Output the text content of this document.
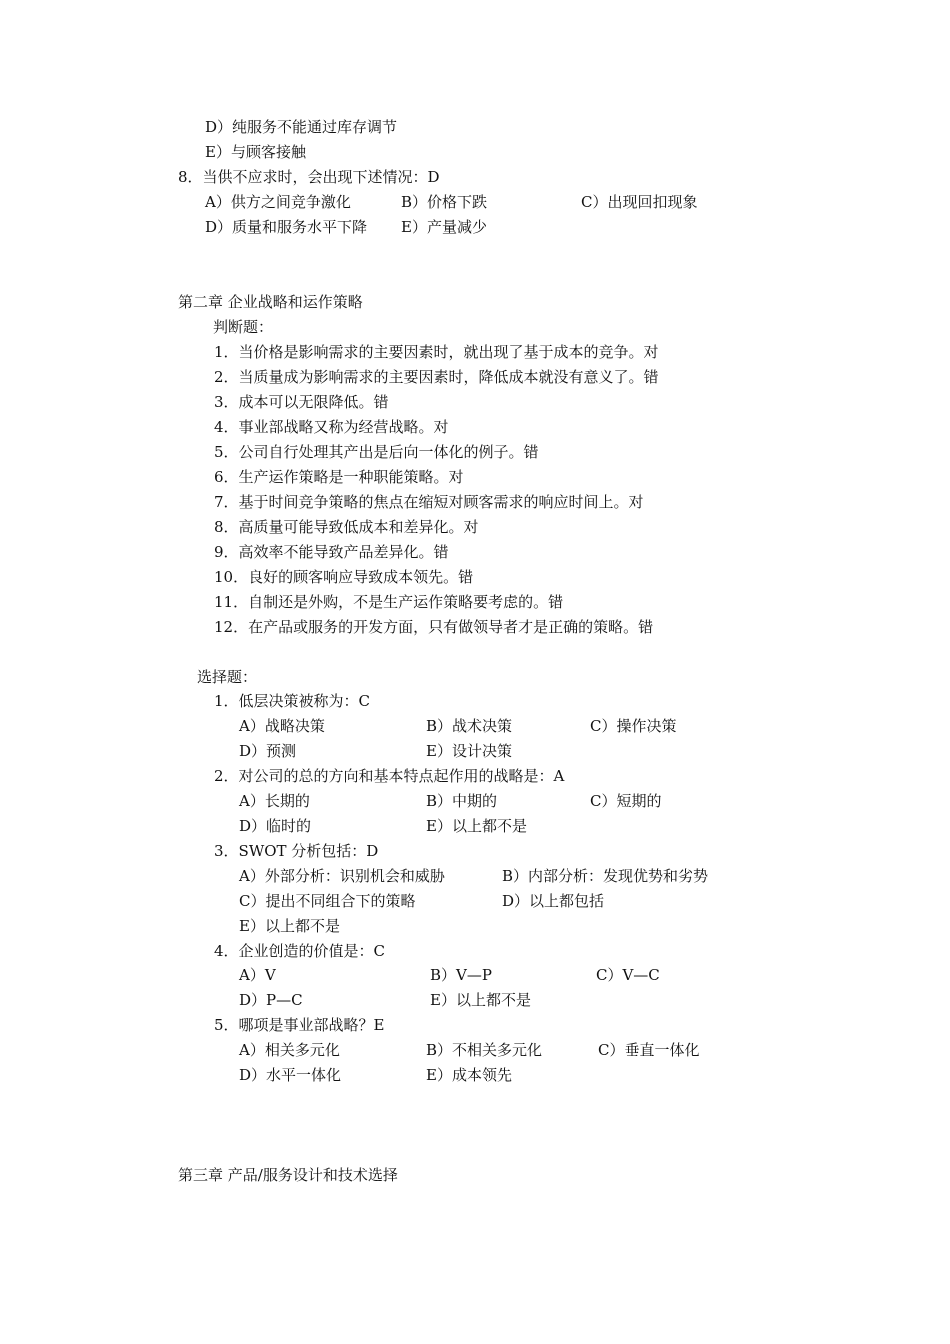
D）纯服务不能通过库存调节
E）与顾客接触
8．当供不应求时，会出现下述情况：D
A）供方之间竞争激化	B）价格下跌	C）出现回扣现象
D）质量和服务水平下降 E）产量减少
第二章 企业战略和运作策略
判断题：
1．当价格是影响需求的主要因素时，就出现了基于成本的竞争。对
2．当质量成为影响需求的主要因素时，降低成本就没有意义了。错
3．成本可以无限降低。错
4．事业部战略又称为经营战略。对
5．公司自行处理其产出是后向一体化的例子。错
6．生产运作策略是一种职能策略。对
7．基于时间竞争策略的焦点在缩短对顾客需求的响应时间上。对
8．高质量可能导致低成本和差异化。对
9．高效率不能导致产品差异化。错
10．良好的顾客响应导致成本领先。错
11．自制还是外购，不是生产运作策略要考虑的。错
12．在产品或服务的开发方面，只有做领导者才是正确的策略。错
选择题：
1．低层决策被称为：C
A）战略决策	B）战术决策	C）操作决策
D）预测	E）设计决策
2．对公司的总的方向和基本特点起作用的战略是：A
A）长期的	B）中期的	C）短期的
D）临时的	E）以上都不是
3．SWOT 分析包括：D
A）外部分析：识别机会和威胁	B）内部分析：发现优势和劣势
C）提出不同组合下的策略	D）以上都包括
E）以上都不是
4．企业创造的价值是：C
A）V	B）V—P	C）V—C
D）P—C	E）以上都不是
5．哪项是事业部战略？E
A）相关多元化	B）不相关多元化	C）垂直一体化
D）水平一体化	E）成本领先
第三章 产品/服务设计和技术选择
